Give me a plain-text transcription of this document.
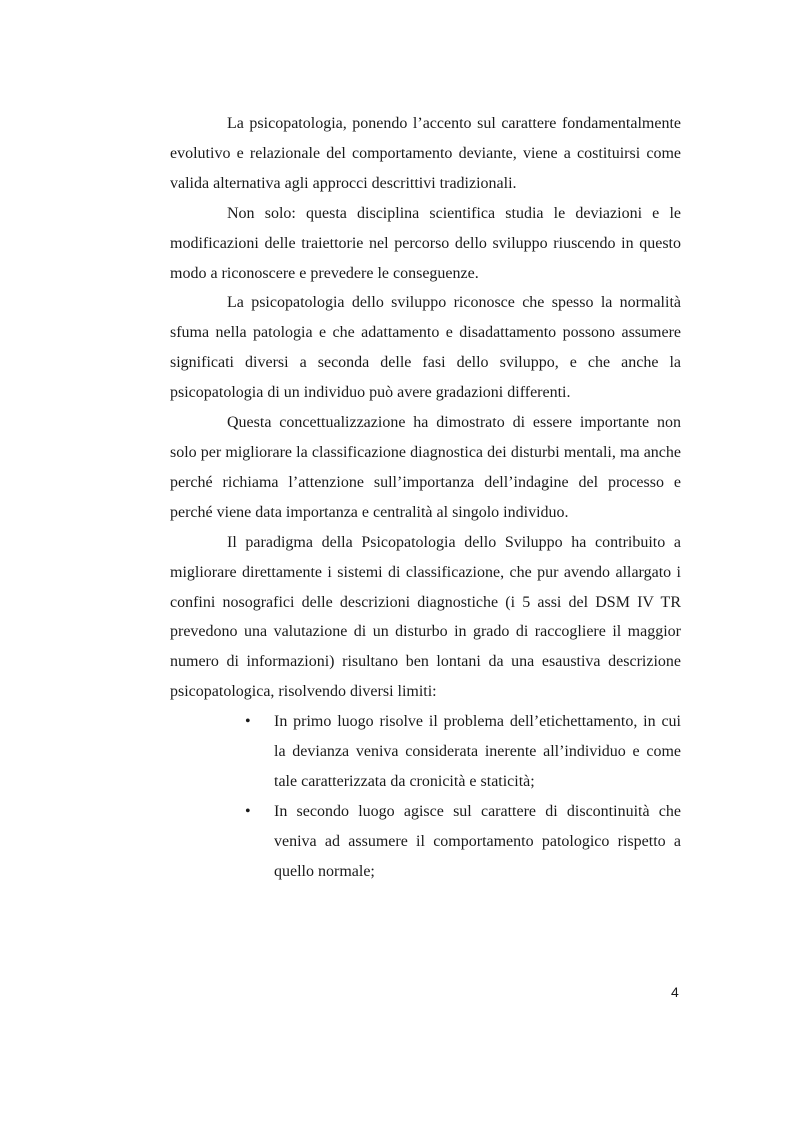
La psicopatologia, ponendo l’accento sul carattere fondamentalmente evolutivo e relazionale del comportamento deviante, viene a costituirsi come valida alternativa agli approcci descrittivi tradizionali.

Non solo: questa disciplina scientifica studia le deviazioni e le modificazioni delle traiettorie nel percorso dello sviluppo riuscendo in questo modo a riconoscere e prevedere le conseguenze.

La psicopatologia dello sviluppo riconosce che spesso la normalità sfuma nella patologia e che adattamento e disadattamento possono assumere significati diversi a seconda delle fasi dello sviluppo, e che anche la psicopatologia di un individuo può avere gradazioni differenti.

Questa concettualizzazione ha dimostrato di essere importante non solo per migliorare la classificazione diagnostica dei disturbi mentali, ma anche perché richiama l’attenzione sull’importanza dell’indagine del processo e perché viene data importanza e centralità al singolo individuo.

Il paradigma della Psicopatologia dello Sviluppo ha contribuito a migliorare direttamente i sistemi di classificazione, che pur avendo allargato i confini nosografici delle descrizioni diagnostiche (i 5 assi del DSM IV TR prevedono una valutazione di un disturbo in grado di raccogliere il maggior numero di informazioni) risultano ben lontani da una esaustiva descrizione psicopatologica, risolvendo diversi limiti:

• In primo luogo risolve il problema dell’etichettamento, in cui la devianza veniva considerata inerente all’individuo e come tale caratterizzata da cronicità e staticità;
• In secondo luogo agisce sul carattere di discontinuità che veniva ad assumere il comportamento patologico rispetto a quello normale;
4
